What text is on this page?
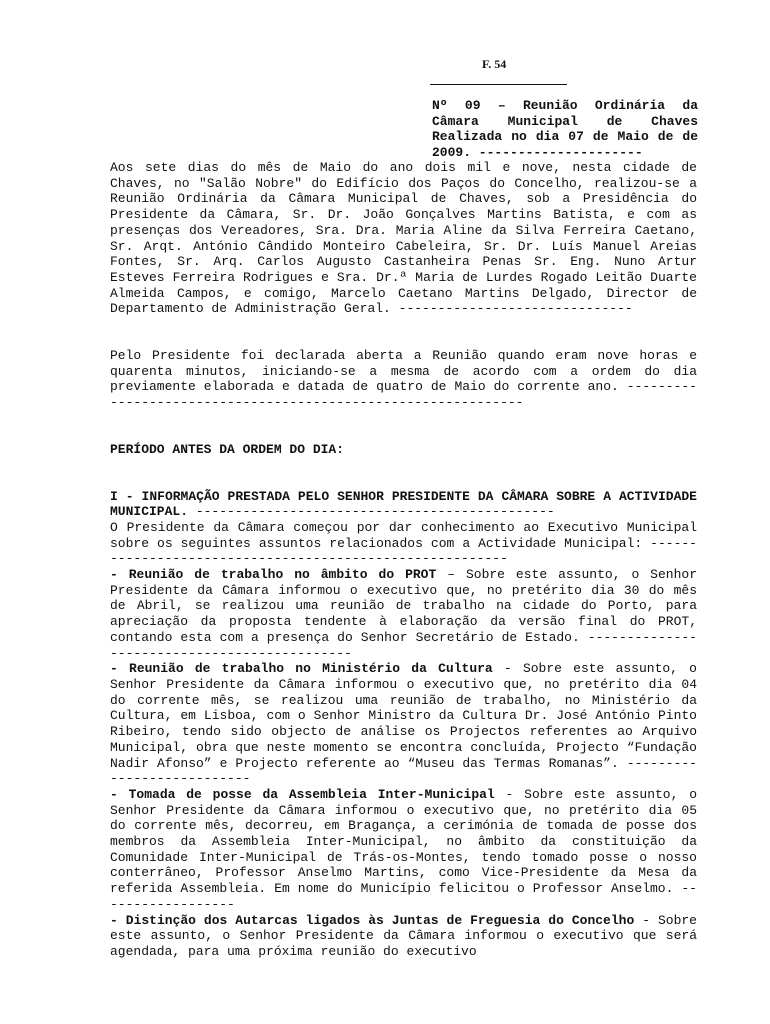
F. 54
Nº 09 – Reunião Ordinária da Câmara Municipal de Chaves Realizada no dia 07 de Maio de de 2009. ---------------------

Aos sete dias do mês de Maio do ano dois mil e nove, nesta cidade de Chaves, no "Salão Nobre" do Edifício dos Paços do Concelho, realizou-se a Reunião Ordinária da Câmara Municipal de Chaves, sob a Presidência do Presidente da Câmara, Sr. Dr. João Gonçalves Martins Batista, e com as presenças dos Vereadores, Sra. Dra. Maria Aline da Silva Ferreira Caetano, Sr. Arqt. António Cândido Monteiro Cabeleira, Sr. Dr. Luís Manuel Areias Fontes, Sr. Arq. Carlos Augusto Castanheira Penas Sr. Eng. Nuno Artur Esteves Ferreira Rodrigues e Sra. Dr.ª Maria de Lurdes Rogado Leitão Duarte Almeida Campos, e comigo, Marcelo Caetano Martins Delgado, Director de Departamento de Administração Geral. ------------------------------

Pelo Presidente foi declarada aberta a Reunião quando eram nove horas e quarenta minutos, iniciando-se a mesma de acordo com a ordem do dia previamente elaborada e datada de quatro de Maio do corrente ano. --------------------------------------------------------------

PERÍODO ANTES DA ORDEM DO DIA:

I - INFORMAÇÃO PRESTADA PELO SENHOR PRESIDENTE DA CÂMARA SOBRE A ACTIVIDADE MUNICIPAL. ----------------------------------------------

O Presidente da Câmara começou por dar conhecimento ao Executivo Municipal sobre os seguintes assuntos relacionados com a Actividade Municipal: ---------------------------------------------------------

- Reunião de trabalho no âmbito do PROT – Sobre este assunto, o Senhor Presidente da Câmara informou o executivo que, no pretérito dia 30 do mês de Abril, se realizou uma reunião de trabalho na cidade do Porto, para apreciação da proposta tendente à elaboração da versão final do PROT, contando esta com a presença do Senhor Secretário de Estado. ---------------------------------------------

- Reunião de trabalho no Ministério da Cultura - Sobre este assunto, o Senhor Presidente da Câmara informou o executivo que, no pretérito dia 04 do corrente mês, se realizou uma reunião de trabalho, no Ministério da Cultura, em Lisboa, com o Senhor Ministro da Cultura Dr. José António Pinto Ribeiro, tendo sido objecto de análise os Projectos referentes ao Arquivo Municipal, obra que neste momento se encontra concluída, Projecto “Fundação Nadir Afonso” e Projecto referente ao “Museu das Termas Romanas”. ---------------------------

- Tomada de posse da Assembleia Inter-Municipal - Sobre este assunto, o Senhor Presidente da Câmara informou o executivo que, no pretérito dia 05 do corrente mês, decorreu, em Bragança, a cerimónia de tomada de posse dos membros da Assembleia Inter-Municipal, no âmbito da constituição da Comunidade Inter-Municipal de Trás-os-Montes, tendo tomado posse o nosso conterrâneo, Professor Anselmo Martins, como Vice-Presidente da Mesa da referida Assembleia. Em nome do Município felicitou o Professor Anselmo. ------------------

- Distinção dos Autarcas ligados às Juntas de Freguesia do Concelho - Sobre este assunto, o Senhor Presidente da Câmara informou o executivo que será agendada, para uma próxima reunião do executivo
